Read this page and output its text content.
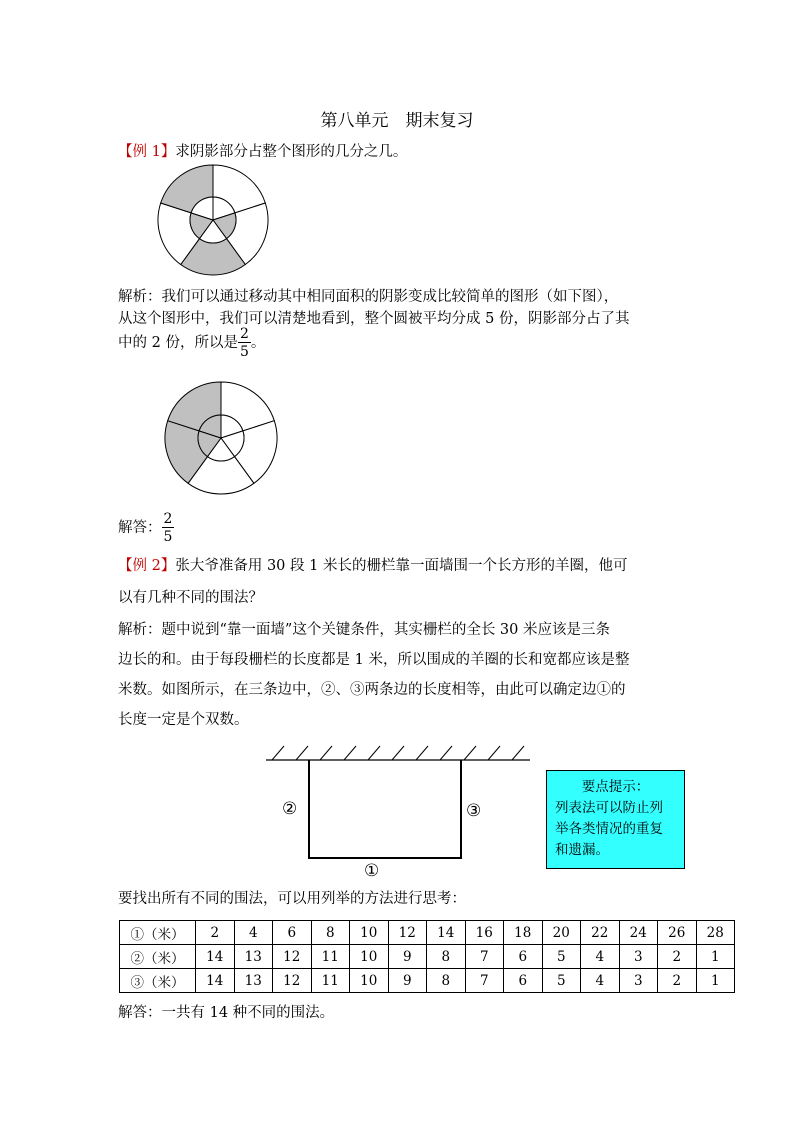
第八单元　期末复习
【例 1】求阴影部分占整个图形的几分之几。
解析：我们可以通过移动其中相同面积的阴影变成比较简单的图形（如下图），
从这个图形中，我们可以清楚地看到，整个圆被平均分成 5 份，阴影部分占了其
中的 2 份，所以是 $\frac{2}{5}$ 。
解答： $\frac{2}{5}$
【例 2】张大爷准备用 30 段 1 米长的栅栏靠一面墙围一个长方形的羊圈，他可
以有几种不同的围法？
解析：题中说到“靠一面墙”这个关键条件，其实栅栏的全长 30 米应该是三条
边长的和。由于每段栅栏的长度都是 1 米，所以围成的羊圈的长和宽都应该是整
米数。如图所示，在三条边中，②、③两条边的长度相等，由此可以确定边①的
长度一定是个双数。
②	③
①
要点提示：
列表法可以防止列
举各类情况的重复
和遗漏。
要找出所有不同的围法，可以用列举的方法进行思考：
①（米）	2	4	6	8	10	12	14	16	18	20	22	24	26	28
②（米）	14	13	12	11	10	9	8	7	6	5	4	3	2	1
③（米）	14	13	12	11	10	9	8	7	6	5	4	3	2	1
解答：一共有 14 种不同的围法。
